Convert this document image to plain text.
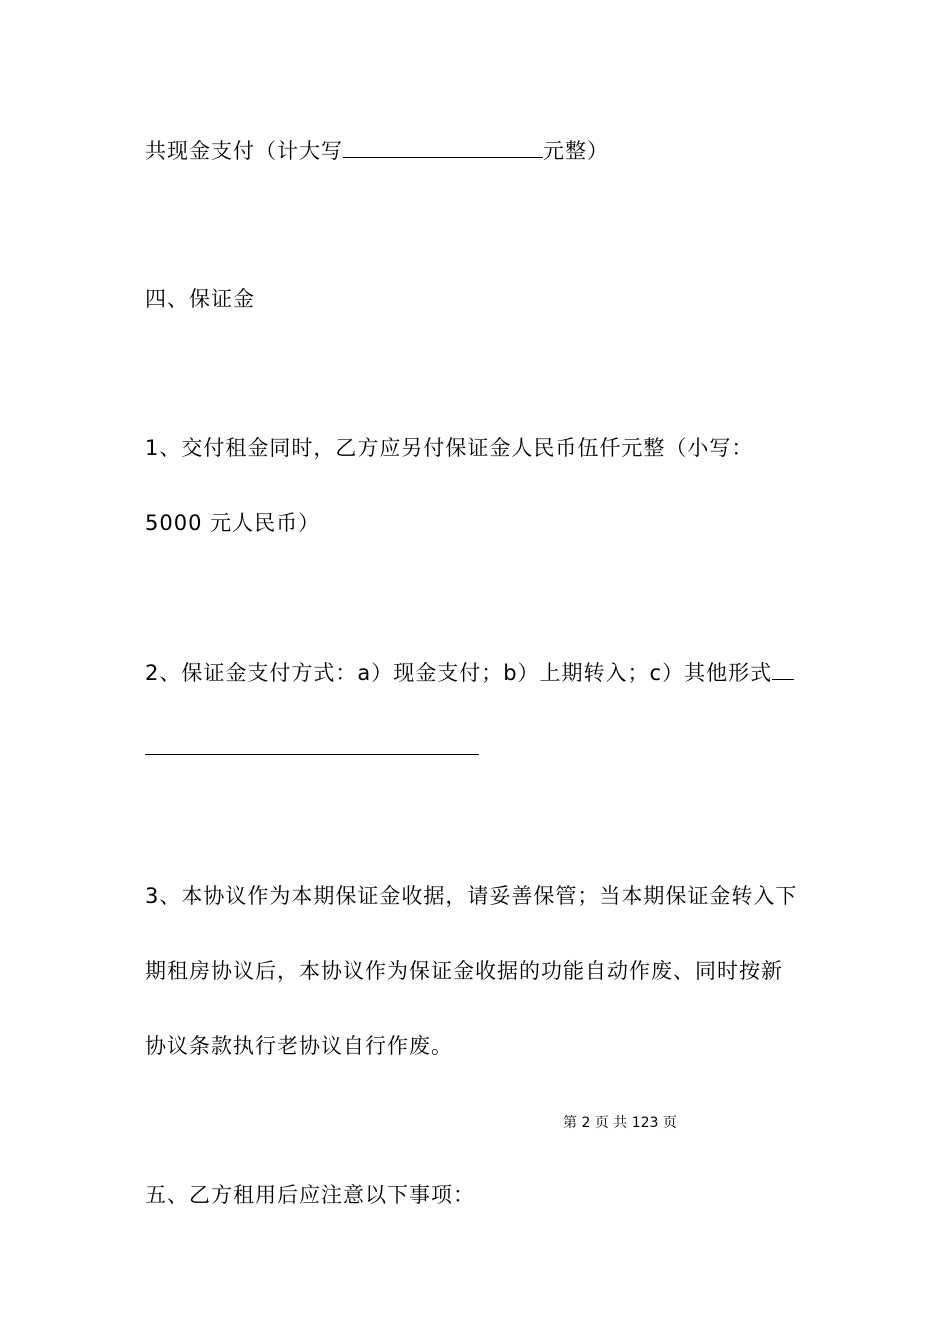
共现金支付（计大写	元整）
四、保证金
1、交付租金同时，乙方应另付保证金人民币伍仟元整（小写：
5000 元人民币）
2、保证金支付方式：a）现金支付；b）上期转入；c）其他形式
3、本协议作为本期保证金收据，请妥善保管；当本期保证金转入下
期租房协议后，本协议作为保证金收据的功能自动作废、同时按新
协议条款执行老协议自行作废。
第 2 页 共 123 页
五、乙方租用后应注意以下事项：
